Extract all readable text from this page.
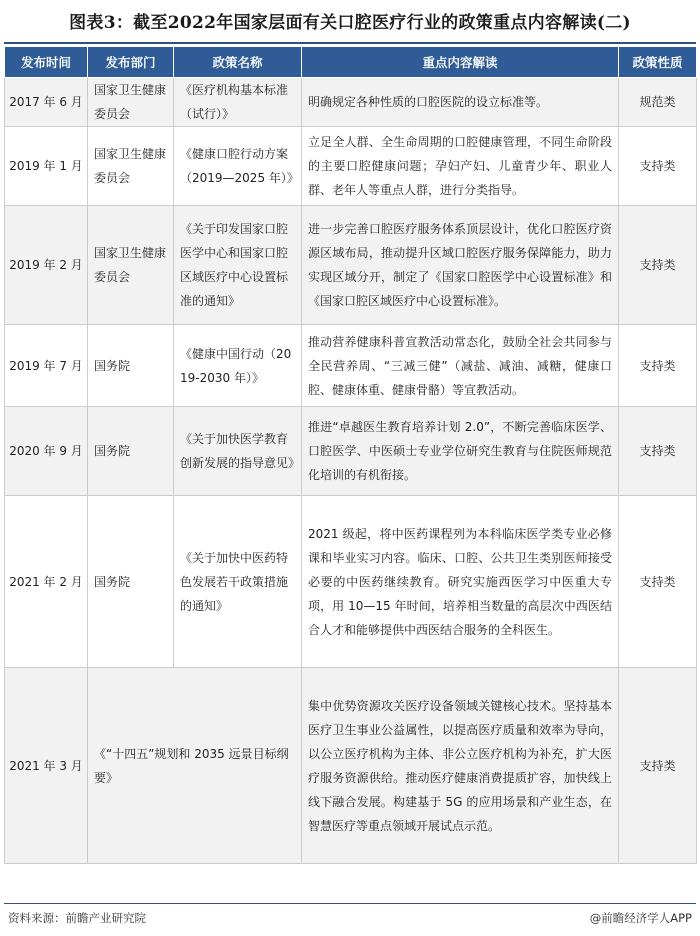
图表3：截至2022年国家层面有关口腔医疗行业的政策重点内容解读(二)
发布时间	发布部门	政策名称	重点内容解读	政策性质
2017 年 6 月	国家卫生健康委员会	《医疗机构基本标准（试行）》	明确规定各种性质的口腔医院的设立标准等。	规范类
2019 年 1 月	国家卫生健康委员会	《健康口腔行动方案（2019—2025 年）》	立足全人群、全生命周期的口腔健康管理，不同生命阶段的主要口腔健康问题；孕妇产妇、儿童青少年、职业人群、老年人等重点人群，进行分类指导。	支持类
2019 年 2 月	国家卫生健康委员会	《关于印发国家口腔医学中心和国家口腔区域医疗中心设置标准的通知》	进一步完善口腔医疗服务体系顶层设计，优化口腔医疗资源区域布局，推动提升区域口腔医疗服务保障能力，助力实现区域分开，制定了《国家口腔医学中心设置标准》和《国家口腔区域医疗中心设置标准》。	支持类
2019 年 7 月	国务院	《健康中国行动（2019-2030 年）》	推动营养健康科普宣教活动常态化，鼓励全社会共同参与全民营养周、“三减三健”（减盐、减油、减糖，健康口腔、健康体重、健康骨骼）等宣教活动。	支持类
2020 年 9 月	国务院	《关于加快医学教育创新发展的指导意见》	推进“卓越医生教育培养计划 2.0”，不断完善临床医学、口腔医学、中医硕士专业学位研究生教育与住院医师规范化培训的有机衔接。	支持类
2021 年 2 月	国务院	《关于加快中医药特色发展若干政策措施的通知》	2021 级起，将中医药课程列为本科临床医学类专业必修课和毕业实习内容。临床、口腔、公共卫生类别医师接受必要的中医药继续教育。研究实施西医学习中医重大专项，用 10—15 年时间，培养相当数量的高层次中西医结合人才和能够提供中西医结合服务的全科医生。	支持类
2021 年 3 月	《“十四五”规划和 2035 远景目标纲要》		集中优势资源攻关医疗设备领域关键核心技术。坚持基本医疗卫生事业公益属性，以提高医疗质量和效率为导向，以公立医疗机构为主体、非公立医疗机构为补充，扩大医疗服务资源供给。推动医疗健康消费提质扩容，加快线上线下融合发展。构建基于 5G 的应用场景和产业生态，在智慧医疗等重点领域开展试点示范。	支持类
资料来源：前瞻产业研究院	@前瞻经济学人APP
